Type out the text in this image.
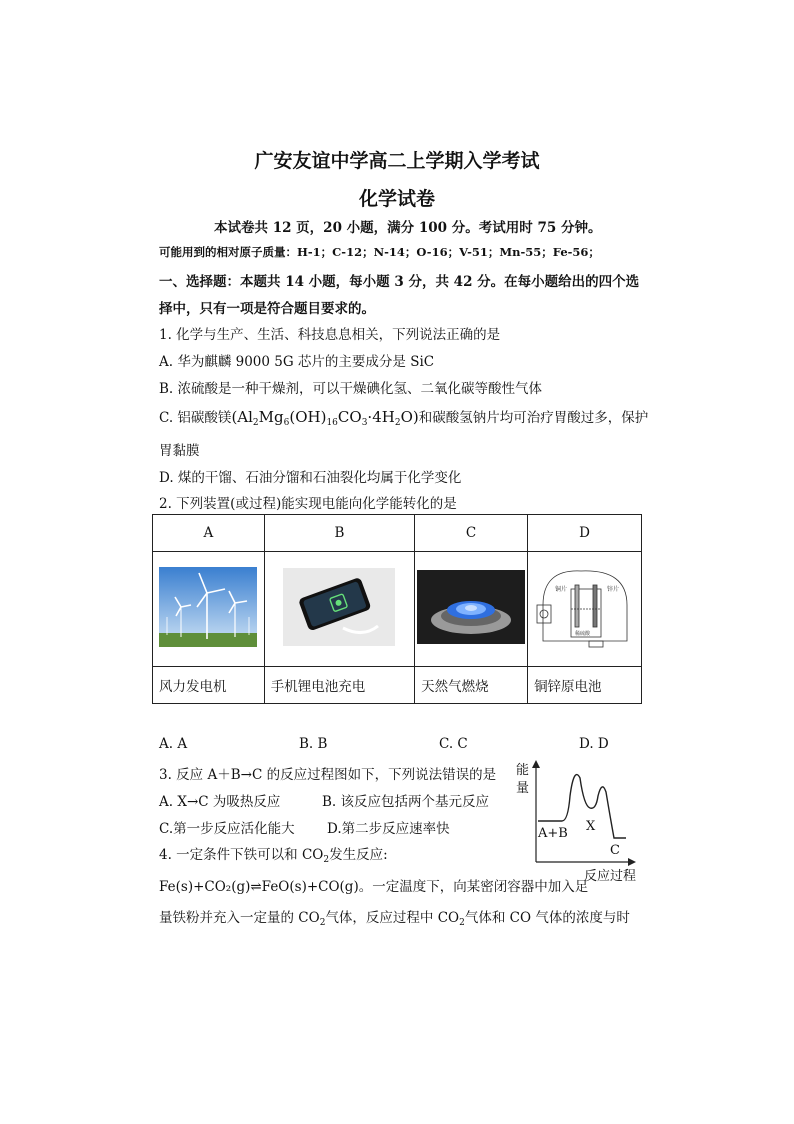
广安友谊中学高二上学期入学考试
化学试卷
本试卷共 12 页，20 小题，满分 100 分。考试用时 75 分钟。
可能用到的相对原子质量：H-1；C-12；N-14；O-16；V-51；Mn-55；Fe-56；
一、选择题：本题共 14 小题，每小题 3 分，共 42 分。在每小题给出的四个选
择中，只有一项是符合题目要求的。
1. 化学与生产、生活、科技息息相关，下列说法正确的是
A. 华为麒麟 9000 5G 芯片的主要成分是 SiC
B. 浓硫酸是一种干燥剂，可以干燥碘化氢、二氧化碳等酸性气体
C. 铝碳酸镁$(Al_2Mg_6(OH)_{16}CO_3\cdot 4H_2O)$和碳酸氢钠片均可治疗胃酸过多，保护
胃黏膜
D. 煤的干馏、石油分馏和石油裂化均属于化学变化
2. 下列装置(或过程)能实现电能向化学能转化的是
A	B	C	D

锌片
铜片
稀硫酸

风力发电机	手机锂电池充电	天然气燃烧	铜锌原电池
A. A	B. B	C. C	D. D
3. 反应 A＋B→C 的反应过程图如下，下列说法错误的是
A. X→C 为吸热反应	B. 该反应包括两个基元反应
C.第一步反应活化能大 D.第二步反应速率快
能
量
A+B X
C
反应过程
4. 一定条件下铁可以和 $CO_2$发生反应:
Fe(s)+CO₂(g)⇌FeO(s)+CO(g)。一定温度下，向某密闭容器中加入足
量铁粉并充入一定量的 $CO_2$气体，反应过程中 $CO_2$气体和 CO 气体的浓度与时
